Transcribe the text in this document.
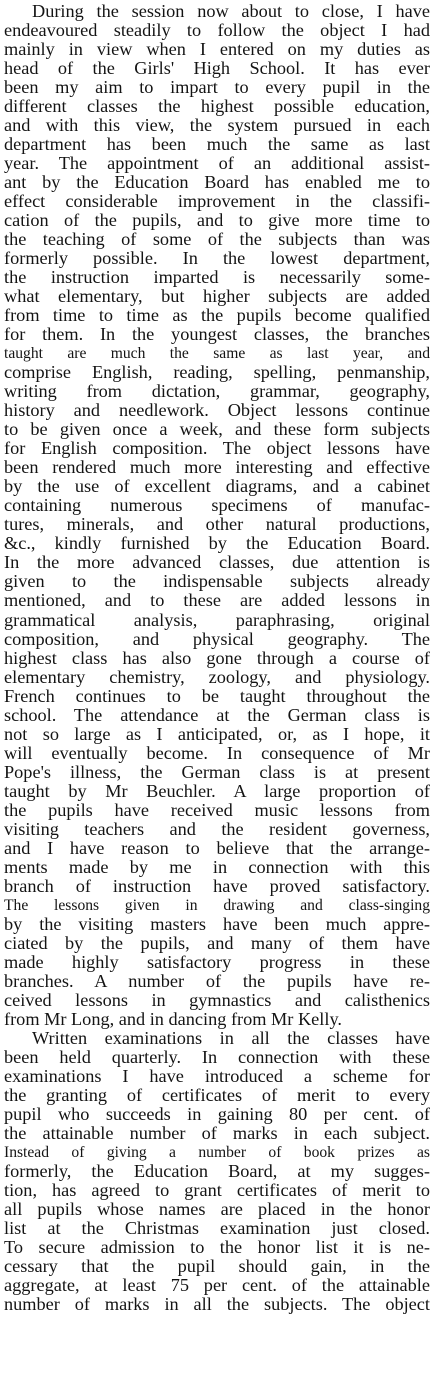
During the session now about to close, I have
endeavoured steadily to follow the object I had
mainly in view when I entered on my duties as
head of the Girls' High School. It has ever
been my aim to impart to every pupil in the
different classes the highest possible education,
and with this view, the system pursued in each
department has been much the same as last
year. The appointment of an additional assist-
ant by the Education Board has enabled me to
effect considerable improvement in the classifi-
cation of the pupils, and to give more time to
the teaching of some of the subjects than was
formerly possible. In the lowest department,
the instruction imparted is necessarily some-
what elementary, but higher subjects are added
from time to time as the pupils become qualified
for them. In the youngest classes, the branches
taught are much the same as last year, and
comprise English, reading, spelling, penmanship,
writing from dictation, grammar, geography,
history and needlework. Object lessons continue
to be given once a week, and these form subjects
for English composition. The object lessons have
been rendered much more interesting and effective
by the use of excellent diagrams, and a cabinet
containing numerous specimens of manufac-
tures, minerals, and other natural productions,
&c., kindly furnished by the Education Board.
In the more advanced classes, due attention is
given to the indispensable subjects already
mentioned, and to these are added lessons in
grammatical analysis, paraphrasing, original
composition, and physical geography. The
highest class has also gone through a course of
elementary chemistry, zoology, and physiology.
French continues to be taught throughout the
school. The attendance at the German class is
not so large as I anticipated, or, as I hope, it
will eventually become. In consequence of Mr
Pope's illness, the German class is at present
taught by Mr Beuchler. A large proportion of
the pupils have received music lessons from
visiting teachers and the resident governess,
and I have reason to believe that the arrange-
ments made by me in connection with this
branch of instruction have proved satisfactory.
The lessons given in drawing and class-singing
by the visiting masters have been much appre-
ciated by the pupils, and many of them have
made highly satisfactory progress in these
branches. A number of the pupils have re-
ceived lessons in gymnastics and calisthenics
from Mr Long, and in dancing from Mr Kelly.
Written examinations in all the classes have
been held quarterly. In connection with these
examinations I have introduced a scheme for
the granting of certificates of merit to every
pupil who succeeds in gaining 80 per cent. of
the attainable number of marks in each subject.
Instead of giving a number of book prizes as
formerly, the Education Board, at my sugges-
tion, has agreed to grant certificates of merit to
all pupils whose names are placed in the honor
list at the Christmas examination just closed.
To secure admission to the honor list it is ne-
cessary that the pupil should gain, in the
aggregate, at least 75 per cent. of the attainable
number of marks in all the subjects. The object
